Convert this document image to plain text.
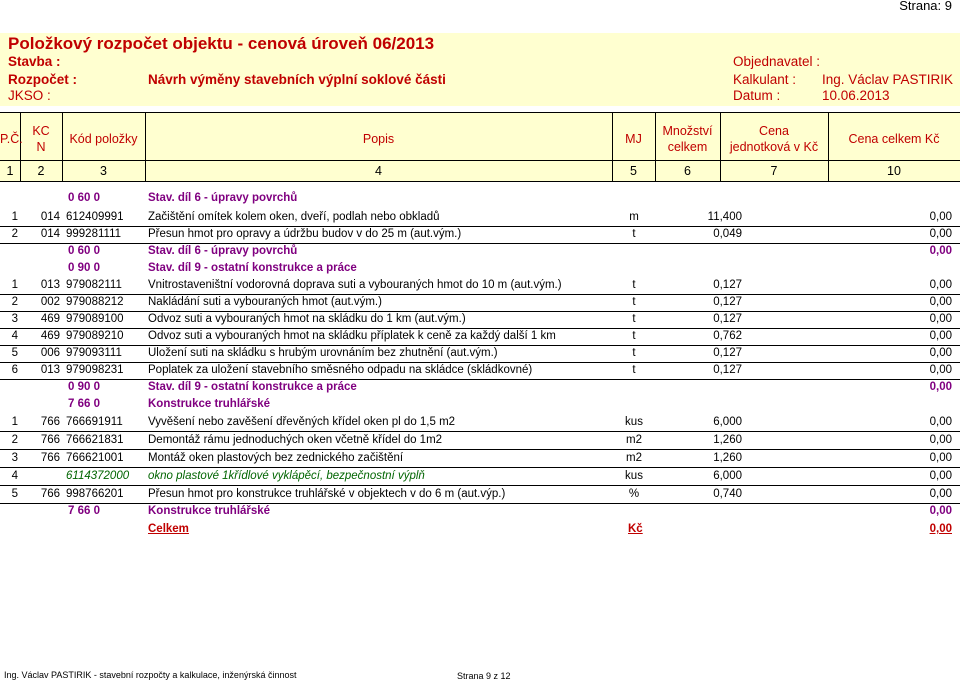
Strana: 9
Položkový rozpočet objektu - cenová úroveň 06/2013
Stavba :
Rozpočet :	Návrh výměny stavebních výplní soklové části
JKSO :
Objednavatel :
Kalkulant : Ing. Václav PASTIRIK
Datum :	10.06.2013
P.Č.
KC
N
Kód položky	Popis	MJ
Množství
celkem
Cena
jednotková v Kč
Cena celkem Kč
1	2	3	4	5	6	7	10
0 60 0	Stav. díl 6 - úpravy povrchů
1	014 612409991 Začištění omítek kolem oken, dveří, podlah nebo obkladů	m	11,400	0,00
2	014 999281111 Přesun hmot pro opravy a údržbu budov v do 25 m (aut.vým.)	t	0,049	0,00
0 60 0	Stav. díl 6 - úpravy povrchů	0,00
0 90 0	Stav. díl 9 - ostatní konstrukce a práce
1	013 979082111 Vnitrostaveništní vodorovná doprava suti a vybouraných hmot do 10 m (aut.vým.)	t	0,127	0,00
2	002 979088212 Nakládání suti a vybouraných hmot (aut.vým.)	t	0,127	0,00
3	469 979089100 Odvoz suti a vybouraných hmot na skládku do 1 km (aut.vým.)	t	0,127	0,00
4	469 979089210 Odvoz suti a vybouraných hmot na skládku příplatek k ceně za každý další 1 km	t	0,762	0,00
5	006 979093111 Uložení suti na skládku s hrubým urovnáním bez zhutnění (aut.vým.)	t	0,127	0,00
6	013 979098231 Poplatek za uložení stavebního směsného odpadu na skládce (skládkovné)	t	0,127	0,00
0 90 0	Stav. díl 9 - ostatní konstrukce a práce	0,00
7 66 0	Konstrukce truhlářské
1	766 766691911 Vyvěšení nebo zavěšení dřevěných křídel oken pl do 1,5 m2	kus	6,000	0,00
2	766 766621831 Demontáž rámu jednoduchých oken včetně křídel do 1m2	m2	1,260	0,00
3	766 766621001 Montáž oken plastových bez zednického začištění	m2	1,260	0,00
4	6114372000 okno plastové 1křídlové vyklápěcí, bezpečnostní výplň	kus	6,000	0,00
5	766 998766201 Přesun hmot pro konstrukce truhlářské v objektech v do 6 m (aut.výp.)	%	0,740	0,00
7 66 0	Konstrukce truhlářské	0,00
Celkem	Kč	0,00
Ing. Václav PASTIRIK - stavební rozpočty a kalkulace, inženýrská činnost	Strana 9 z 12
